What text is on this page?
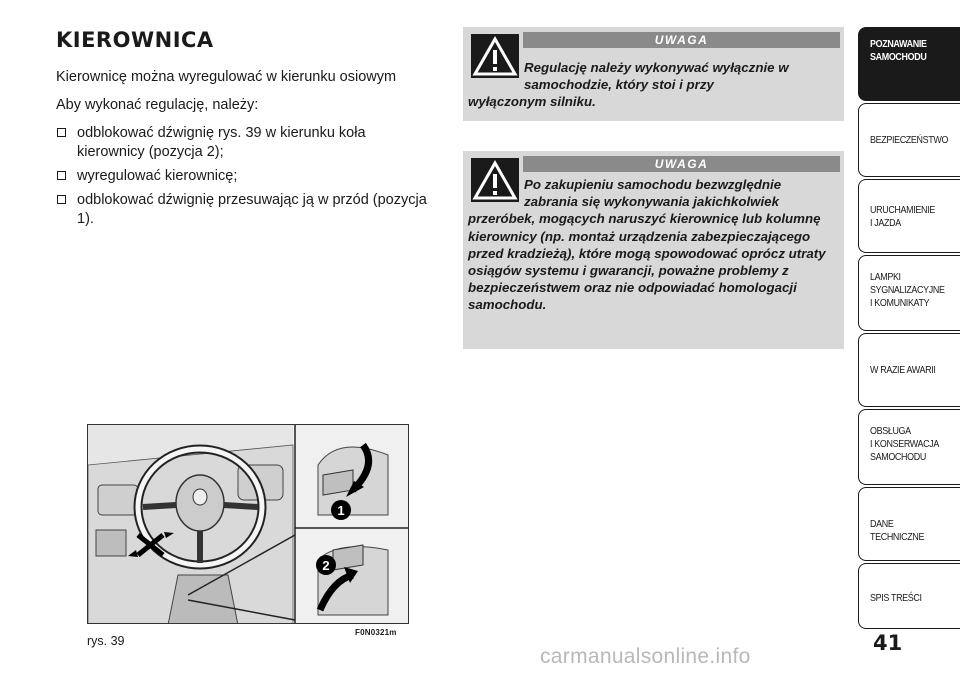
KIEROWNICA

Kierownicę można wyregulować w kierunku osiowym

Aby wykonać regulację, należy:

odblokować dźwignię rys. 39 w kierunku koła kierownicy (pozycja 2);
wyregulować kierownicę;
odblokować dźwignię przesuwając ją w przód (pozycja 1).
UWAGA
Regulację należy wykonywać wyłącznie w samochodzie, który stoi i przy
wyłączonym silniku.
UWAGA
Po zakupieniu samochodu bezwzględnie zabrania się wykonywania jakichkolwiek
przeróbek, mogących naruszyć kierownicę lub kolumnę kierownicy (np. montaż urządzenia zabezpieczającego przed kradzieżą), które mogą spowodować oprócz utraty osiągów systemu i gwarancji, poważne problemy z bezpieczeństwem oraz nie odpowiadać homologacji samochodu.
1
2
rys. 39
F0N0321m
POZNAWANIE
SAMOCHODU
BEZPIECZEŃSTWO
URUCHAMIENIE
I JAZDA
LAMPKI
SYGNALIZACYJNE
I KOMUNIKATY
W RAZIE AWARII
OBSŁUGA
I KONSERWACJA
SAMOCHODU
DANE TECHNICZNE
SPIS TREŚCI
41
carmanualsonline.info
